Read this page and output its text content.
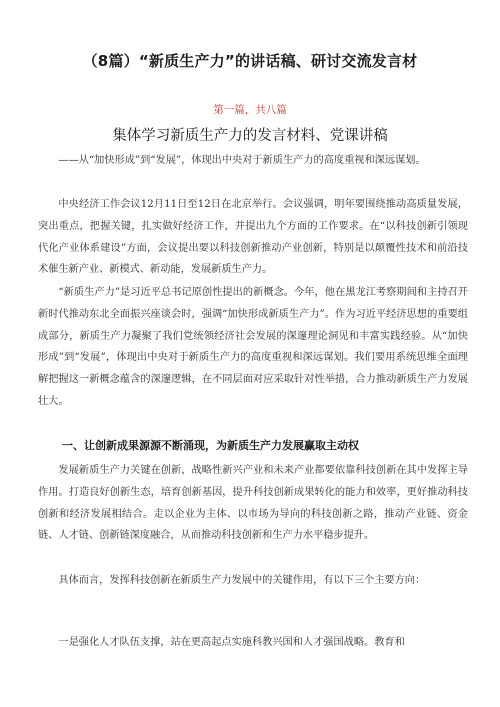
（8篇）“新质生产力”的讲话稿、研讨交流发言材
第一篇，共八篇
集体学习新质生产力的发言材料、党课讲稿

——从“加快形成”到“发展”，体现出中央对于新质生产力的高度重视和深远谋划。

中央经济工作会议12月11日至12日在北京举行。会议强调，明年要围绕推动高质量发展，突出重点，把握关键，扎实做好经济工作，并提出九个方面的工作要求。在“以科技创新引领现代化产业体系建设”方面，会议提出要以科技创新推动产业创新，特别是以颠覆性技术和前沿技术催生新产业、新模式、新动能，发展新质生产力。

“新质生产力”是习近平总书记原创性提出的新概念。今年，他在黑龙江考察期间和主持召开新时代推动东北全面振兴座谈会时，强调“加快形成新质生产力”。作为习近平经济思想的重要组成部分，新质生产力凝聚了我们党统领经济社会发展的深邃理论洞见和丰富实践经验。从“加快形成”到“发展”，体现出中央对于新质生产力的高度重视和深远谋划。我们要用系统思维全面理解把握这一新概念蕴含的深邃逻辑，在不同层面对应采取针对性举措，合力推动新质生产力发展壮大。

一、让创新成果源源不断涌现，为新质生产力发展赢取主动权

发展新质生产力关键在创新，战略性新兴产业和未来产业都要依靠科技创新在其中发挥主导作用。打造良好创新生态，培育创新基因，提升科技创新成果转化的能力和效率，更好推动科技创新和经济发展相结合。走以企业为主体、以市场为导向的科技创新之路，推动产业链、资金链、人才链、创新链深度融合，从而推动科技创新和生产力水平稳步提升。

具体而言，发挥科技创新在新质生产力发展中的关键作用，有以下三个主要方向：

一是强化人才队伍支撑，站在更高起点实施科教兴国和人才强国战略。教育和
